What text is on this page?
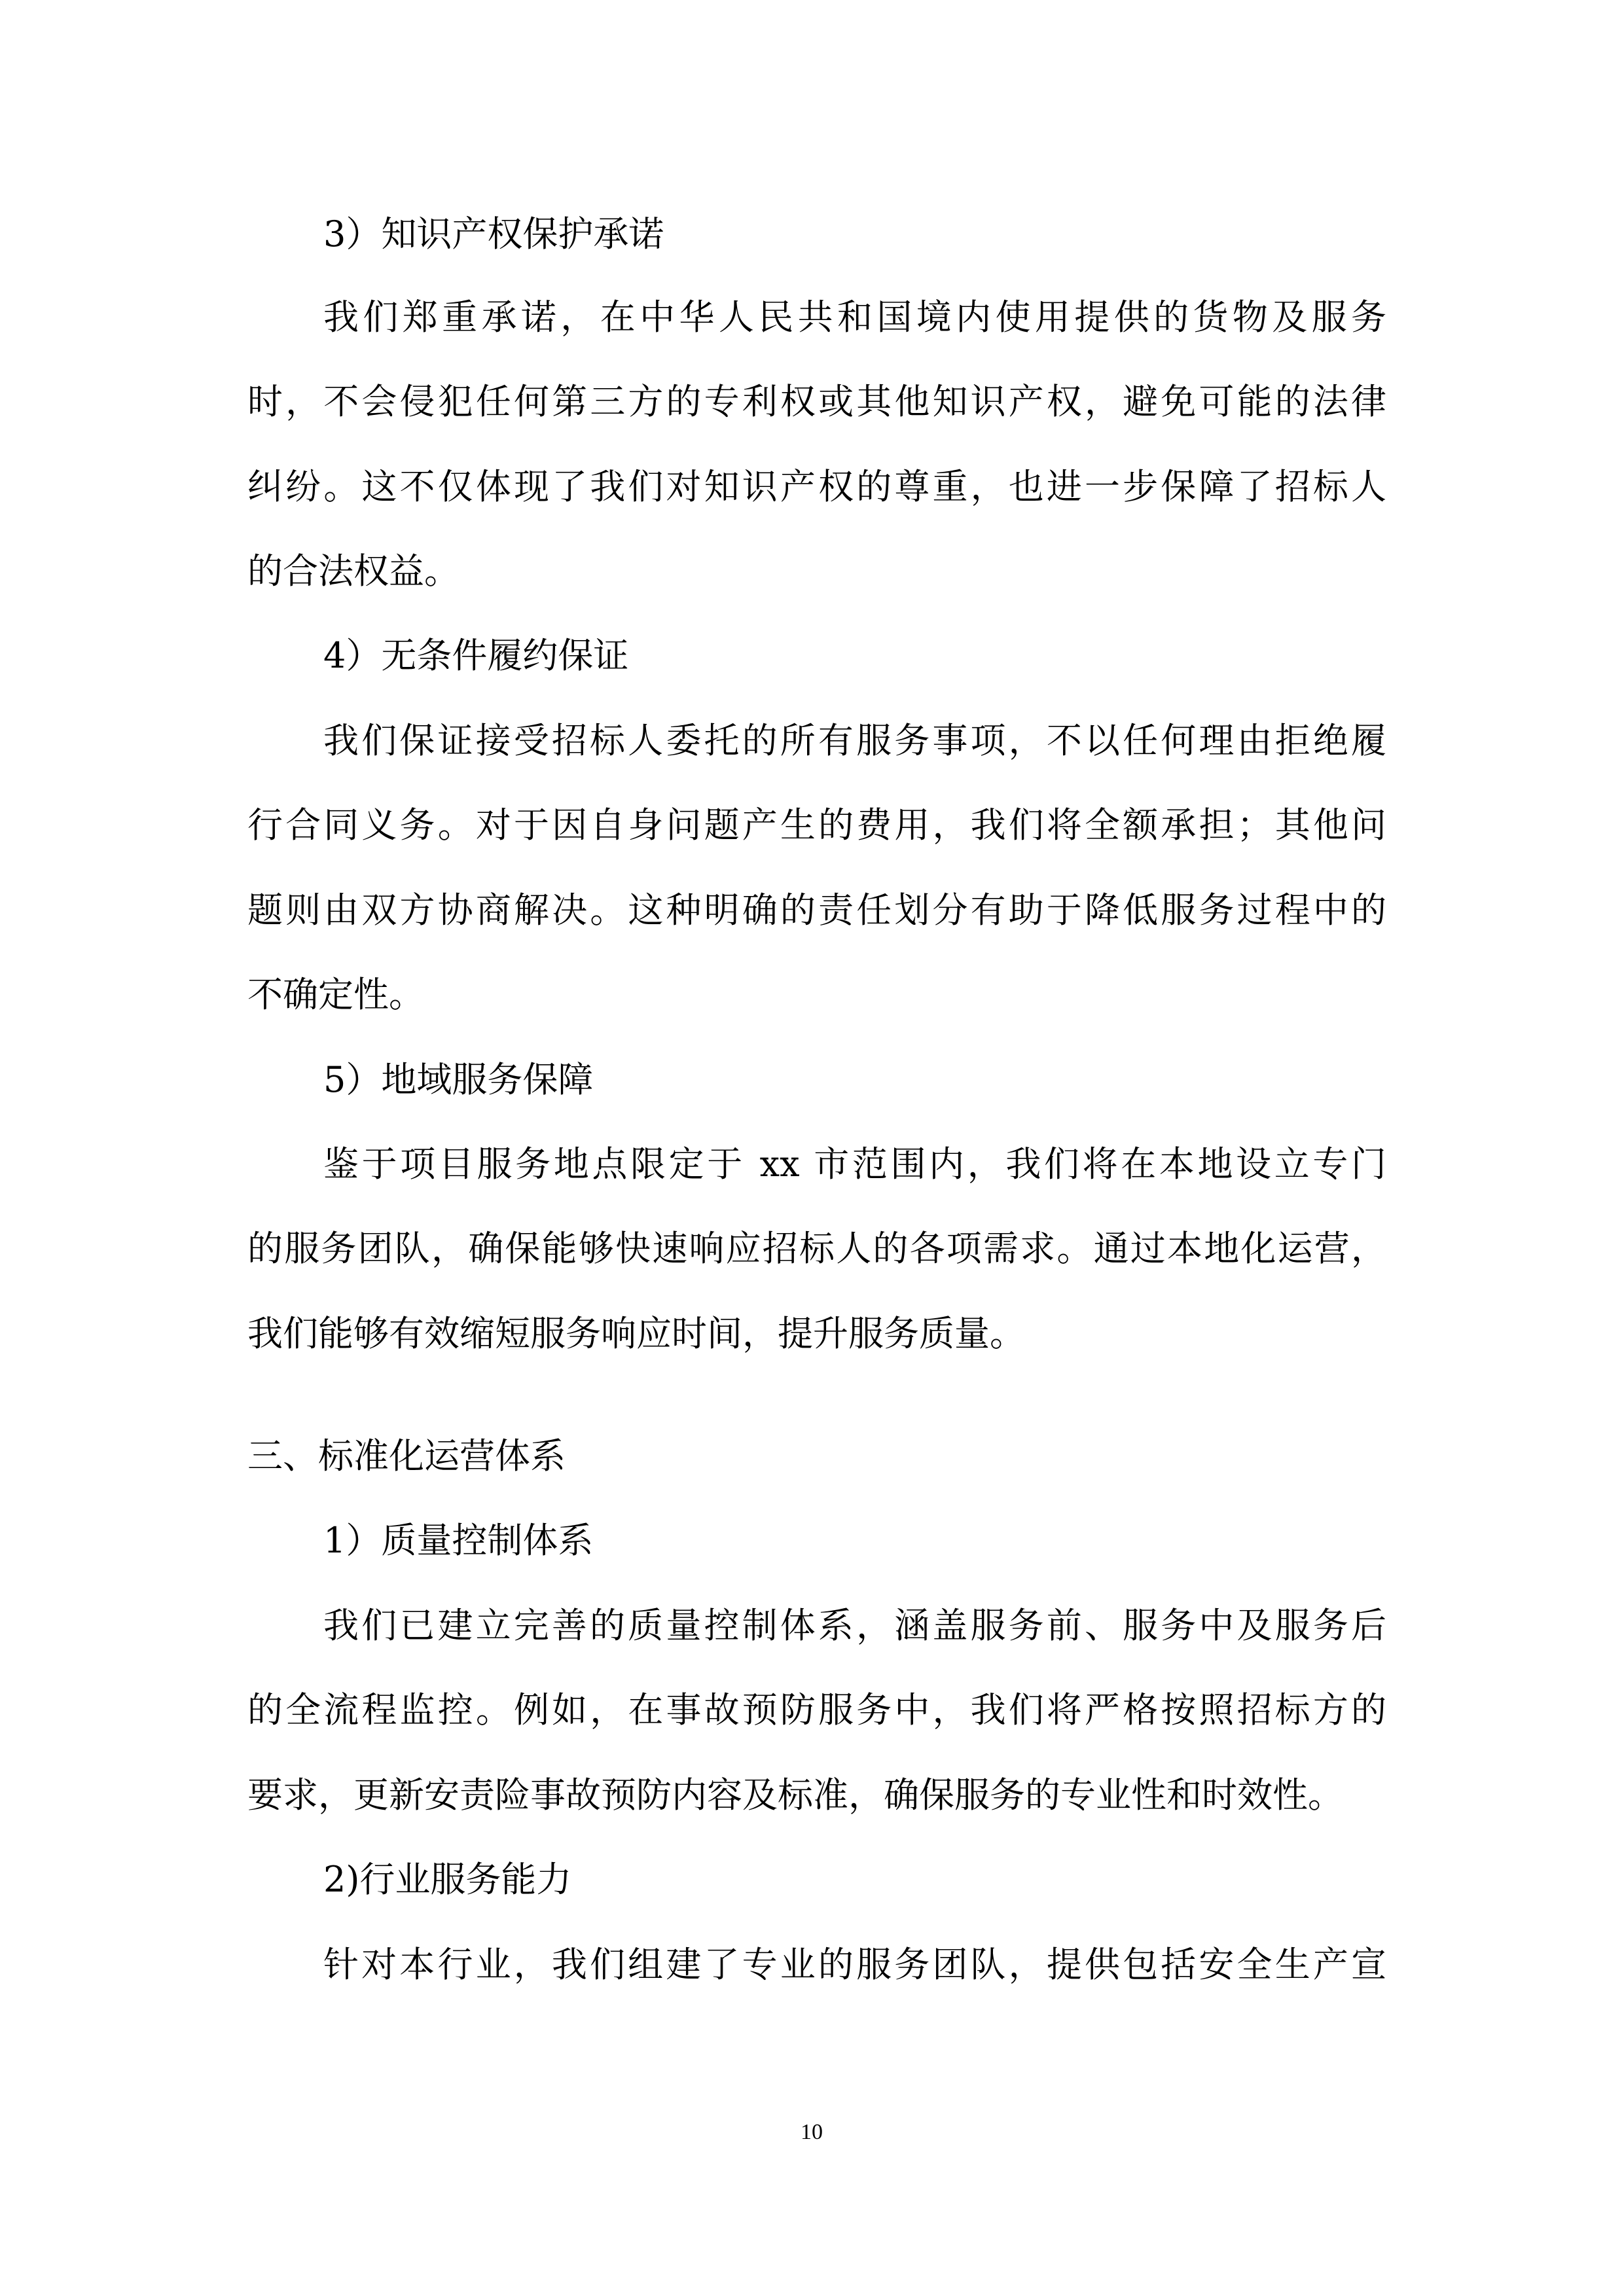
3）知识产权保护承诺
我们郑重承诺，在中华人民共和国境内使用提供的货物及服务
时，不会侵犯任何第三方的专利权或其他知识产权，避免可能的法律
纠纷。这不仅体现了我们对知识产权的尊重，也进一步保障了招标人
的合法权益。
4）无条件履约保证
我们保证接受招标人委托的所有服务事项，不以任何理由拒绝履
行合同义务。对于因自身问题产生的费用，我们将全额承担；其他问
题则由双方协商解决。这种明确的责任划分有助于降低服务过程中的
不确定性。
5）地域服务保障
鉴于项目服务地点限定于 xx 市范围内，我们将在本地设立专门
的服务团队，确保能够快速响应招标人的各项需求。通过本地化运营，
我们能够有效缩短服务响应时间，提升服务质量。
三、标准化运营体系
1）质量控制体系
我们已建立完善的质量控制体系，涵盖服务前、服务中及服务后
的全流程监控。例如，在事故预防服务中，我们将严格按照招标方的
要求，更新安责险事故预防内容及标准，确保服务的专业性和时效性。
2)行业服务能力
针对本行业，我们组建了专业的服务团队，提供包括安全生产宣
10
